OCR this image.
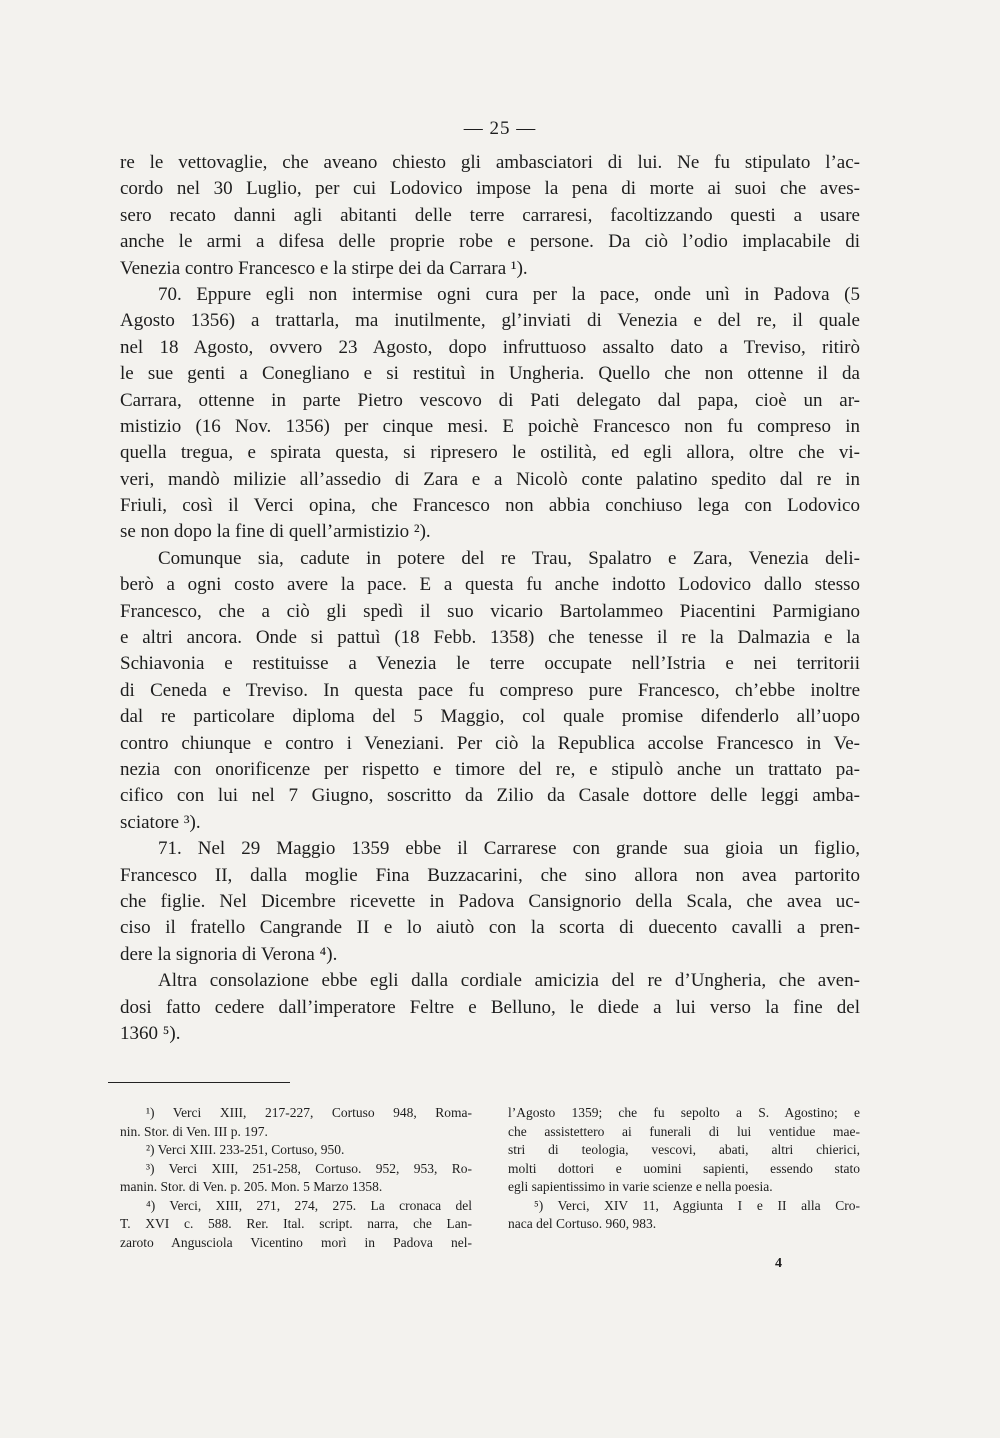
— 25 —
re le vettovaglie, che aveano chiesto gli ambasciatori di lui. Ne fu stipulato l’ac-
cordo nel 30 Luglio, per cui Lodovico impose la pena di morte ai suoi che aves-
sero recato danni agli abitanti delle terre carraresi, facoltizzando questi a usare
anche le armi a difesa delle proprie robe e persone. Da ciò l’odio implacabile di
Venezia contro Francesco e la stirpe dei da Carrara ¹).
70. Eppure egli non intermise ogni cura per la pace, onde unì in Padova (5
Agosto 1356) a trattarla, ma inutilmente, gl’inviati di Venezia e del re, il quale
nel 18 Agosto, ovvero 23 Agosto, dopo infruttuoso assalto dato a Treviso, ritirò
le sue genti a Conegliano e si restituì in Ungheria. Quello che non ottenne il da
Carrara, ottenne in parte Pietro vescovo di Pati delegato dal papa, cioè un ar-
mistizio (16 Nov. 1356) per cinque mesi. E poichè Francesco non fu compreso in
quella tregua, e spirata questa, si ripresero le ostilità, ed egli allora, oltre che vi-
veri, mandò milizie all’assedio di Zara e a Nicolò conte palatino spedito dal re in
Friuli, così il Verci opina, che Francesco non abbia conchiuso lega con Lodovico
se non dopo la fine di quell’armistizio ²).
Comunque sia, cadute in potere del re Trau, Spalatro e Zara, Venezia deli-
berò a ogni costo avere la pace. E a questa fu anche indotto Lodovico dallo stesso
Francesco, che a ciò gli spedì il suo vicario Bartolammeo Piacentini Parmigiano
e altri ancora. Onde si pattuì (18 Febb. 1358) che tenesse il re la Dalmazia e la
Schiavonia e restituisse a Venezia le terre occupate nell’Istria e nei territorii
di Ceneda e Treviso. In questa pace fu compreso pure Francesco, ch’ebbe inoltre
dal re particolare diploma del 5 Maggio, col quale promise difenderlo all’uopo
contro chiunque e contro i Veneziani. Per ciò la Republica accolse Francesco in Ve-
nezia con onorificenze per rispetto e timore del re, e stipulò anche un trattato pa-
cifico con lui nel 7 Giugno, soscritto da Zilio da Casale dottore delle leggi amba-
sciatore ³).
71. Nel 29 Maggio 1359 ebbe il Carrarese con grande sua gioia un figlio,
Francesco II, dalla moglie Fina Buzzacarini, che sino allora non avea partorito
che figlie. Nel Dicembre ricevette in Padova Cansignorio della Scala, che avea uc-
ciso il fratello Cangrande II e lo aiutò con la scorta di duecento cavalli a pren-
dere la signoria di Verona ⁴).
Altra consolazione ebbe egli dalla cordiale amicizia del re d’Ungheria, che aven-
dosi fatto cedere dall’imperatore Feltre e Belluno, le diede a lui verso la fine del
1360 ⁵).
¹) Verci XIII, 217-227, Cortuso 948, Roma-
nin. Stor. di Ven. III p. 197.
²) Verci XIII. 233-251, Cortuso, 950.
³) Verci XIII, 251-258, Cortuso. 952, 953, Ro-
manin. Stor. di Ven. p. 205. Mon. 5 Marzo 1358.
⁴) Verci, XIII, 271, 274, 275. La cronaca del
T. XVI c. 588. Rer. Ital. script. narra, che Lan-
zaroto Angusciola Vicentino morì in Padova nel-
l’Agosto 1359; che fu sepolto a S. Agostino; e
che assistettero ai funerali di lui ventidue mae-
stri di teologia, vescovi, abati, altri chierici,
molti dottori e uomini sapienti, essendo stato
egli sapientissimo in varie scienze e nella poesia.
⁵) Verci, XIV 11, Aggiunta I e II alla Cro-
naca del Cortuso. 960, 983.
4
